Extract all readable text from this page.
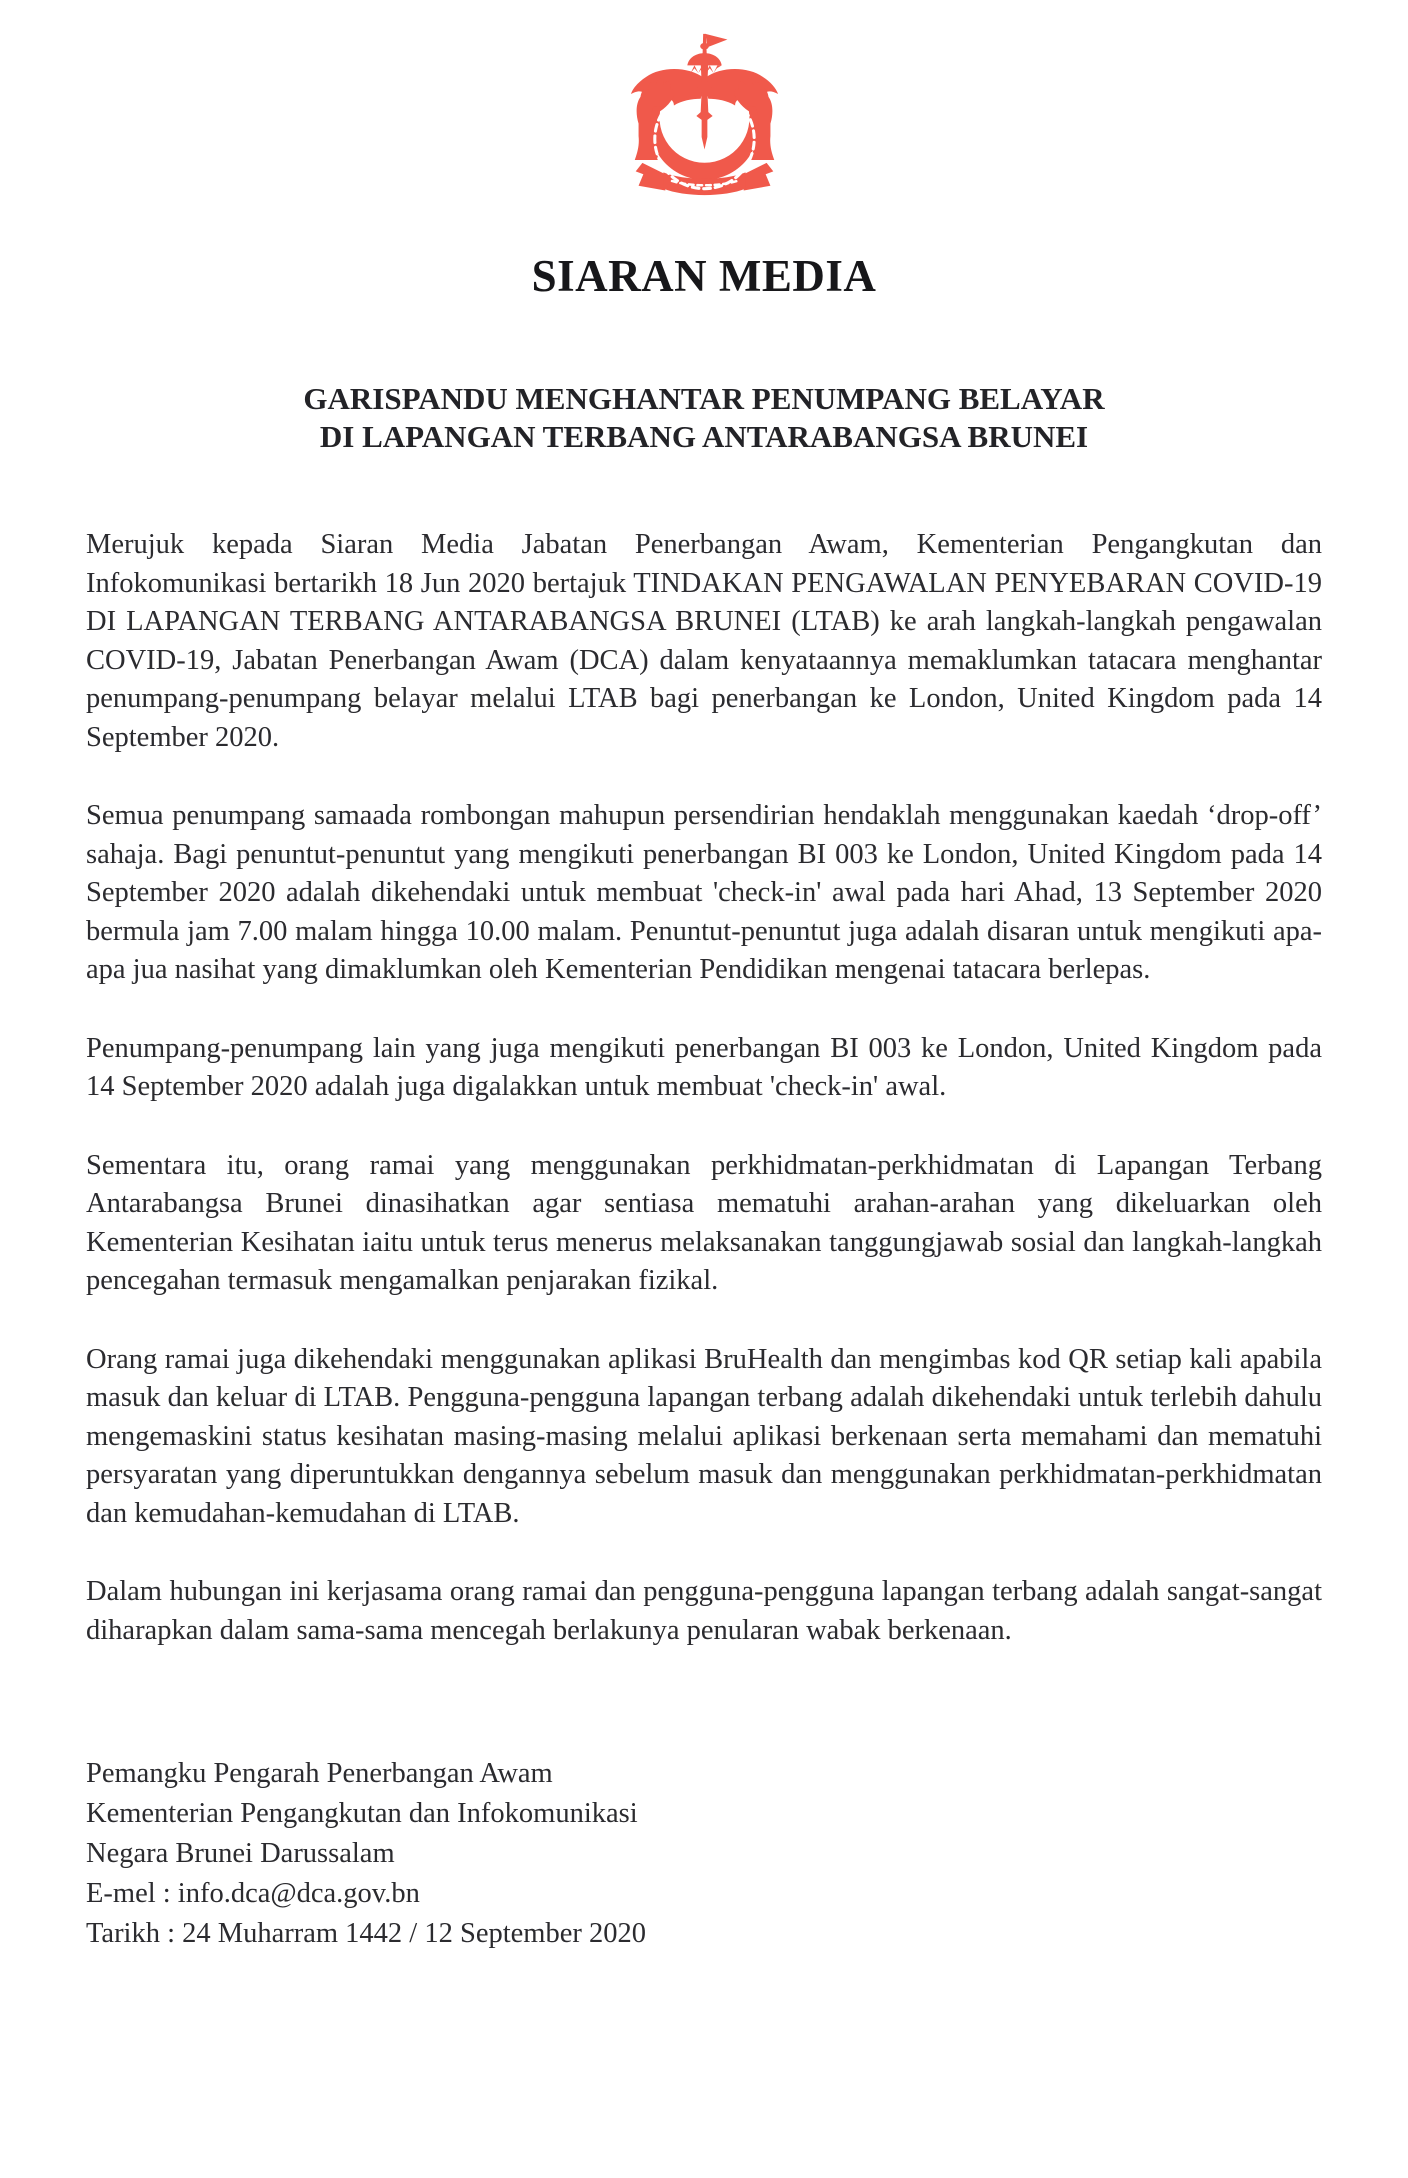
SIARAN MEDIA
GARISPANDU MENGHANTAR PENUMPANG BELAYAR
DI LAPANGAN TERBANG ANTARABANGSA BRUNEI

Merujuk kepada Siaran Media Jabatan Penerbangan Awam, Kementerian Pengangkutan dan Infokomunikasi bertarikh 18 Jun 2020 bertajuk TINDAKAN PENGAWALAN PENYEBARAN COVID-19 DI LAPANGAN TERBANG ANTARABANGSA BRUNEI (LTAB) ke arah langkah-langkah pengawalan COVID-19, Jabatan Penerbangan Awam (DCA) dalam kenyataannya memaklumkan tatacara menghantar penumpang-penumpang belayar melalui LTAB bagi penerbangan ke London, United Kingdom pada 14 September 2020.

Semua penumpang samaada rombongan mahupun persendirian hendaklah menggunakan kaedah ‘drop-off’ sahaja. Bagi penuntut-penuntut yang mengikuti penerbangan BI 003 ke London, United Kingdom pada 14 September 2020 adalah dikehendaki untuk membuat 'check-in' awal pada hari Ahad, 13 September 2020 bermula jam 7.00 malam hingga 10.00 malam. Penuntut-penuntut juga adalah disaran untuk mengikuti apa-apa jua nasihat yang dimaklumkan oleh Kementerian Pendidikan mengenai tatacara berlepas.

Penumpang-penumpang lain yang juga mengikuti penerbangan BI 003 ke London, United Kingdom pada 14 September 2020 adalah juga digalakkan untuk membuat 'check-in' awal.

Sementara itu, orang ramai yang menggunakan perkhidmatan-perkhidmatan di Lapangan Terbang Antarabangsa Brunei dinasihatkan agar sentiasa mematuhi arahan-arahan yang dikeluarkan oleh Kementerian Kesihatan iaitu untuk terus menerus melaksanakan tanggungjawab sosial dan langkah-langkah pencegahan termasuk mengamalkan penjarakan fizikal.

Orang ramai juga dikehendaki menggunakan aplikasi BruHealth dan mengimbas kod QR setiap kali apabila masuk dan keluar di LTAB. Pengguna-pengguna lapangan terbang adalah dikehendaki untuk terlebih dahulu mengemaskini status kesihatan masing-masing melalui aplikasi berkenaan serta memahami dan mematuhi persyaratan yang diperuntukkan dengannya sebelum masuk dan menggunakan perkhidmatan-perkhidmatan dan kemudahan-kemudahan di LTAB.

Dalam hubungan ini kerjasama orang ramai dan pengguna-pengguna lapangan terbang adalah sangat-sangat diharapkan dalam sama-sama mencegah berlakunya penularan wabak berkenaan.

Pemangku Pengarah Penerbangan Awam
Kementerian Pengangkutan dan Infokomunikasi
Negara Brunei Darussalam
E-mel : info.dca@dca.gov.bn
Tarikh : 24 Muharram 1442 / 12 September 2020
